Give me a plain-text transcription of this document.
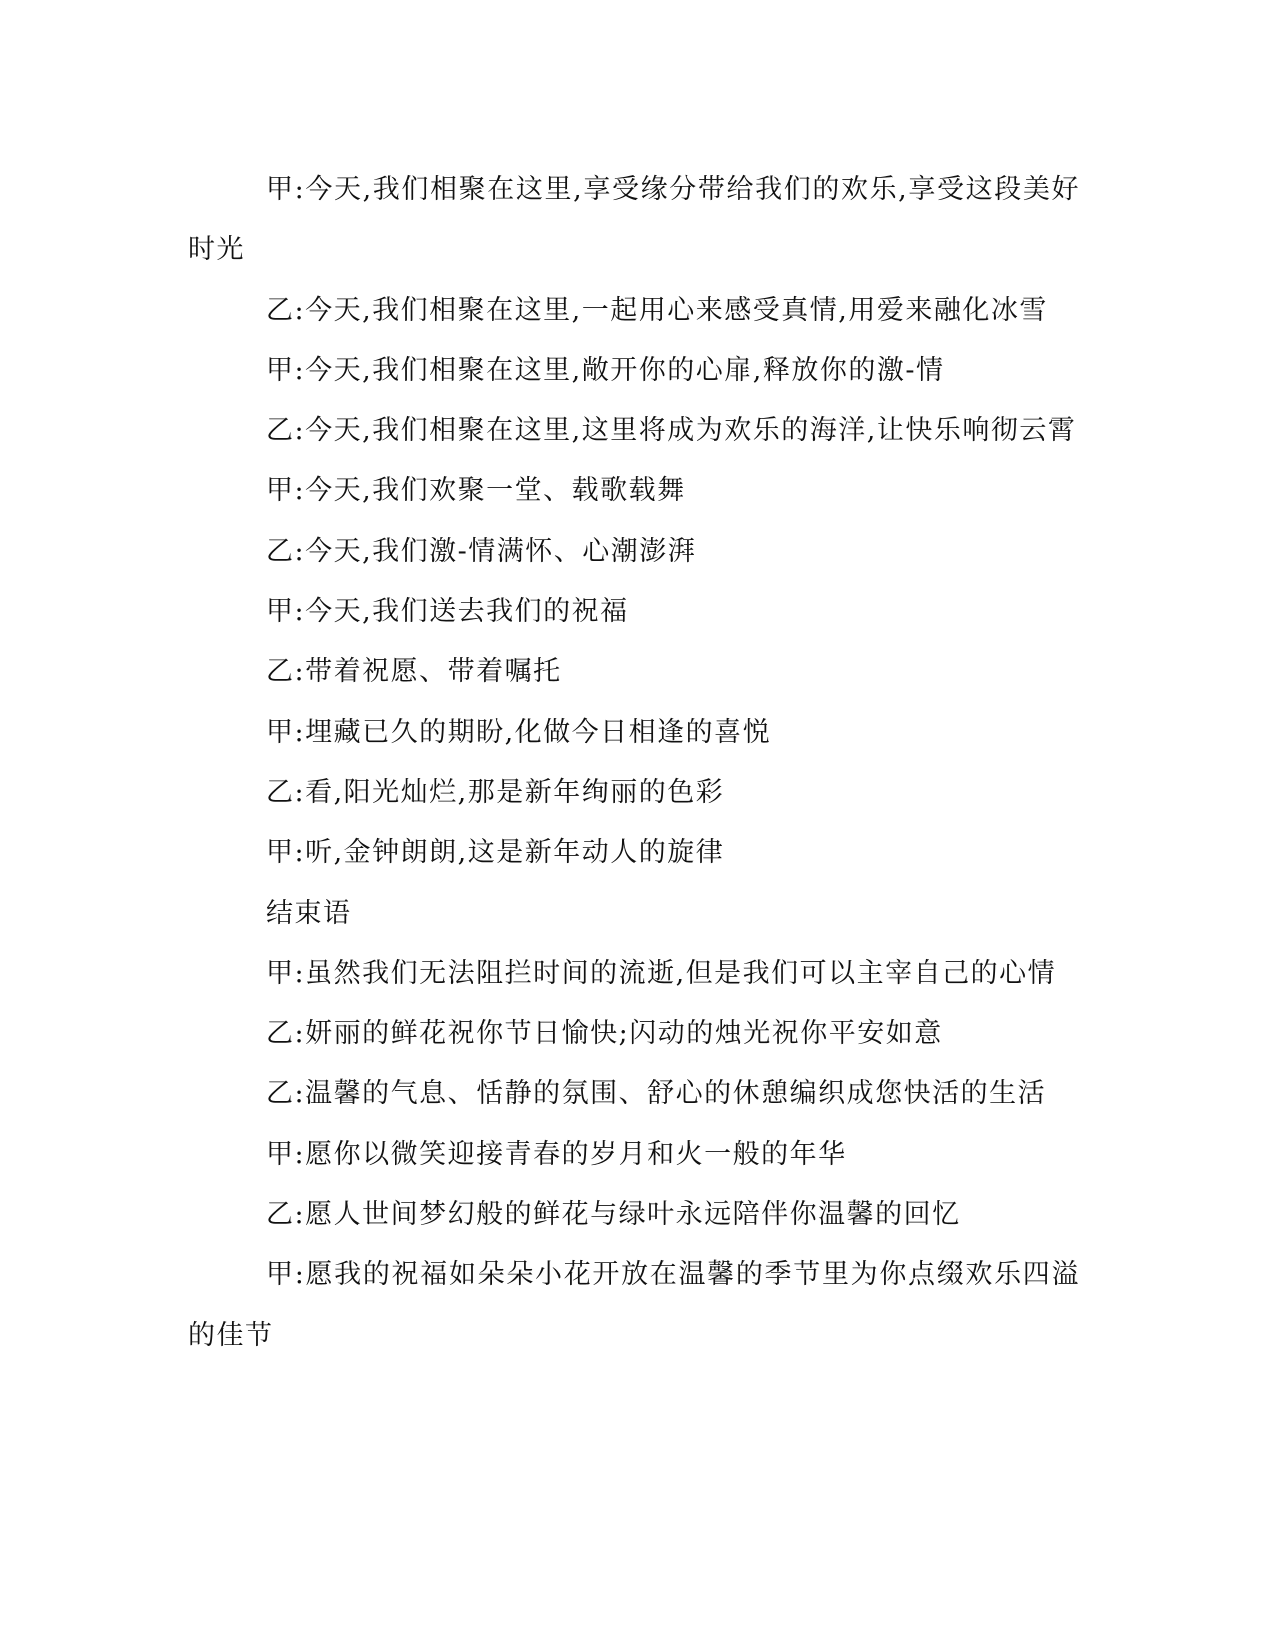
甲:今天,我们相聚在这里,享受缘分带给我们的欢乐,享受这段美好时光

乙:今天,我们相聚在这里,一起用心来感受真情,用爱来融化冰雪

甲:今天,我们相聚在这里,敞开你的心扉,释放你的激-情

乙:今天,我们相聚在这里,这里将成为欢乐的海洋,让快乐响彻云霄

甲:今天,我们欢聚一堂、载歌载舞

乙:今天,我们激-情满怀、心潮澎湃

甲:今天,我们送去我们的祝福

乙:带着祝愿、带着嘱托

甲:埋藏已久的期盼,化做今日相逢的喜悦

乙:看,阳光灿烂,那是新年绚丽的色彩

甲:听,金钟朗朗,这是新年动人的旋律

结束语

甲:虽然我们无法阻拦时间的流逝,但是我们可以主宰自己的心情

乙:妍丽的鲜花祝你节日愉快;闪动的烛光祝你平安如意

乙:温馨的气息、恬静的氛围、舒心的休憩编织成您快活的生活

甲:愿你以微笑迎接青春的岁月和火一般的年华

乙:愿人世间梦幻般的鲜花与绿叶永远陪伴你温馨的回忆

甲:愿我的祝福如朵朵小花开放在温馨的季节里为你点缀欢乐四溢的佳节
